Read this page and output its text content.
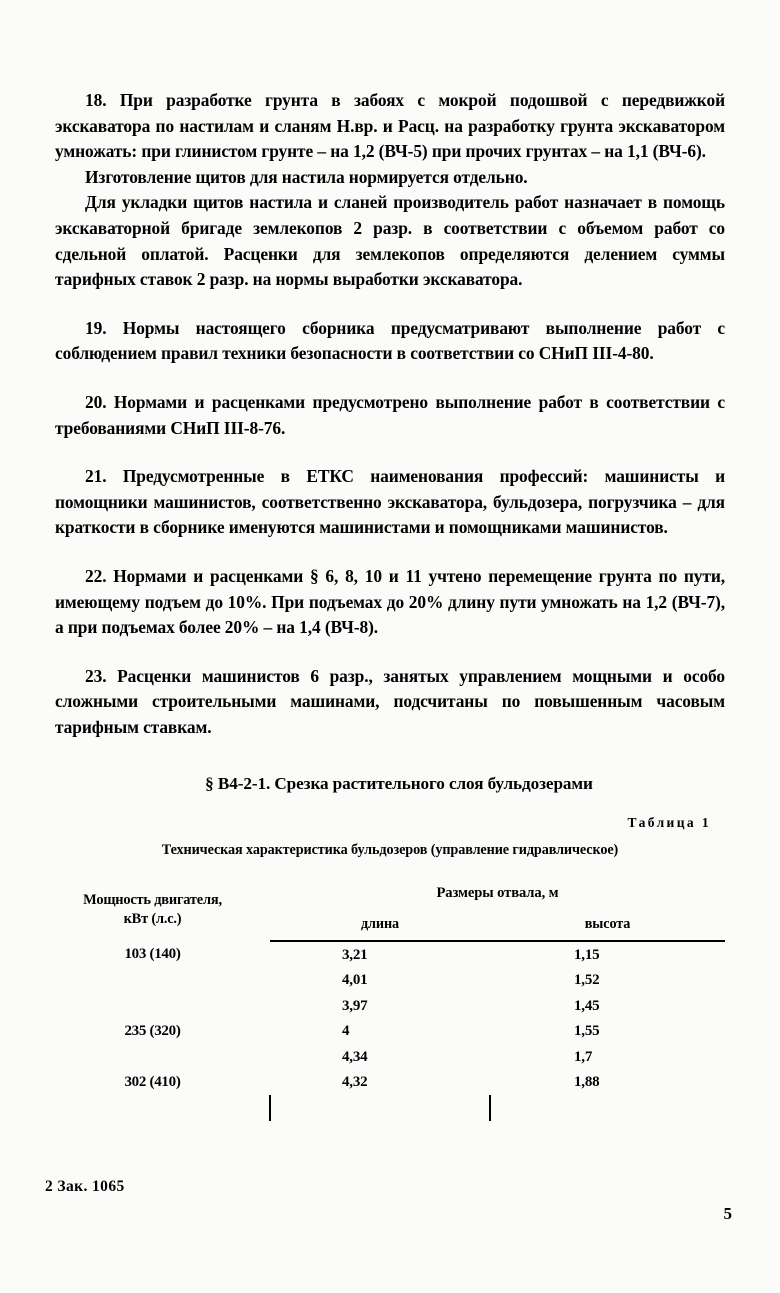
18. При разработке грунта в забоях с мокрой подошвой с передвижкой экскаватора по настилам и сланям Н.вр. и Расц. на разработку грунта экскаватором умножать: при глинистом грунте – на 1,2 (ВЧ-5) при прочих грунтах – на 1,1 (ВЧ-6).

Изготовление щитов для настила нормируется отдельно.

Для укладки щитов настила и сланей производитель работ назначает в помощь экскаваторной бригаде землекопов 2 разр. в соответствии с объемом работ со сдельной оплатой. Расценки для землекопов определяются делением суммы тарифных ставок 2 разр. на нормы выработки экскаватора.

19. Нормы настоящего сборника предусматривают выполнение работ с соблюдением правил техники безопасности в соответствии со СНиП III-4-80.

20. Нормами и расценками предусмотрено выполнение работ в соответствии с требованиями СНиП III-8-76.

21. Предусмотренные в ЕТКС наименования профессий: машинисты и помощники машинистов, соответственно экскаватора, бульдозера, погрузчика – для краткости в сборнике именуются машинистами и помощниками машинистов.

22. Нормами и расценками § 6, 8, 10 и 11 учтено перемещение грунта по пути, имеющему подъем до 10%. При подъемах до 20% длину пути умножать на 1,2 (ВЧ-7), а при подъемах более 20% – на 1,4 (ВЧ-8).

23. Расценки машинистов 6 разр., занятых управлением мощными и особо сложными строительными машинами, подсчитаны по повышенным часовым тарифным ставкам.

§ В4-2-1. Срезка растительного слоя бульдозерами
Таблица 1
Техническая характеристика бульдозеров (управление гидравлическое)
Мощность двигателя,
кВт (л.с.)	Размеры отвала, м	
	длина	высота
103 (140)	3,21	1,15
	4,01	1,52
	3,97	1,45
235 (320)	4	1,55
	4,34	1,7
302 (410)	4,32	1,88
2 Зак. 1065
5
